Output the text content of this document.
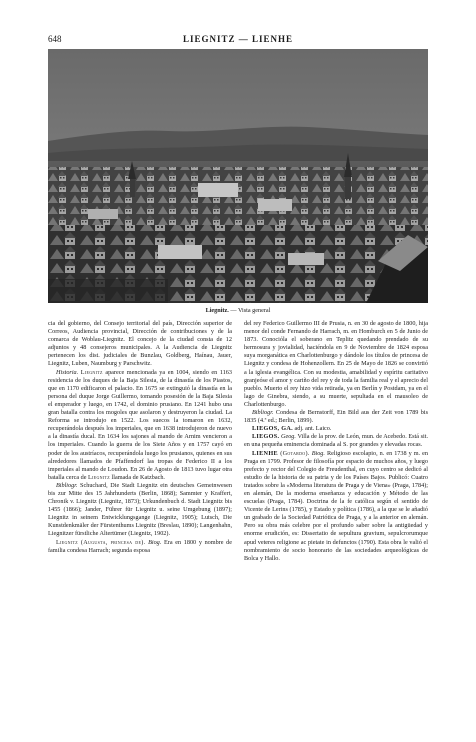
648	LIEGNITZ — LIENHE
Liegnitz. — Vista general

cia del gobierno, del Consejo territorial del país, Dirección superior de Correos, Audiencia provincial, Dirección de contribuciones y de la comarca de Woblau-Liegnitz. El concejo de la ciudad consta de 12 adjuntos y 48 consejeros municipales. A la Audiencia de Liegnitz pertenecen los dist. judiciales de Bunzlau, Goldberg, Haínau, Jauer, Liegnitz, Luben, Naumburg y Parschwitz.

Historia. Liegnitz aparece mencionada ya en 1004, siendo en 1163 residencia de los duques de la Baja Silesia, de la dinastía de los Piastos, que en 1170 edificaron el palacio. En 1675 se extinguió la dinastía en la persona del duque Jorge Guillermo, tomando posesión de la Baja Silesia el emperador y luego, en 1742, el dominio prusiano. En 1241 hubo una gran batalla contra los mogoles que asolaron y destruyeron la ciudad. La Reforma se introdujo en 1522. Los suecos la tomaron en 1632, recuperándola después los imperiales, que en 1638 introdujeron de nuevo a la dinastía ducal. En 1634 los sajones al mando de Arnim vencieron a los imperiales. Cuando la guerra de los Siete Años y en 1757 cayó en poder de los austríacos, recuperándola luego los prusianos, quienes en sus alrededores llamados de Pfaffendorf las tropas de Federico II a los imperiales al mando de Loudon. En 26 de Agosto de 1813 tuvo lugar otra batalla cerca de Liegnitz llamada de Katzbach.

Bibliogr. Schuchard, Die Stadt Liegnitz ein deutsches Gemeinwesen bis zur Mitte des 15 Jahrhunderts (Berlin, 1868); Sammter y Kraffert, Chronik v. Liegnitz (Liegnitz, 1873); Urkundenbuch d. Stadt Liegnitz bis 1455 (1866); Jander, Führer für Liegnitz u. seine Umgebung (1897); Liegnitz in seinem Entwicklungsgange (Liegnitz, 1905); Lutsch, Die Kunstdenkmäler der Fürstenthums Liegnitz (Breslau, 1890); Langenhahn, Liegnitzer fürstliche Altertümer (Liegnitz, 1902).

Liegnitz (Augusta, princesa de). Biog. Era en 1800 y nombre de familia condesa Harrach; segunda esposa

del rey Federico Guillermo III de Prusia, n. en 30 de agosto de 1800, hija menor del conde Fernando de Harrach, m. en Homburch en 5 de Junio de 1873. Conocióla el soberano en Teplitz quedando prendado de su hermosura y jovialidad, haciéndola en 9 de Noviembre de 1824 esposa suya morganática en Charlottenburgo y dándole los títulos de princesa de Liegnitz y condesa de Hohenzollern. En 25 de Mayo de 1826 se convirtió a la iglesia evangélica. Con su modestia, amabilidad y espíritu caritativo granjeóse el amor y cariño del rey y de toda la familia real y el aprecio del pueblo. Muerto el rey hizo vida retirada, ya en Berlín y Postdam, ya en el lago de Ginebra, siendo, a su muerte, sepultada en el mausoleo de Charlottenburgo.

Bibliogr. Condesa de Bernstorff, Ein Bild aus der Zeit von 1789 bis 1835 (4.ª ed.; Berlin, 1899).

LIEGOS, GA. adj. ant. Laico.

LIEGOS. Geog. Villa de la prov. de León, mun. de Acebedo. Está sit. en una pequeña eminencia dominada al S. por grandes y elevadas rocas.

LIENHE (Gotardo). Biog. Religioso escolapio, n. en 1738 y m. en Praga en 1799. Profesor de filosofía por espacio de muchos años, y luego prefecto y rector del Colegio de Freudenthal, en cuyo centro se dedicó al estudio de la historia de su patria y de los Países Bajos. Publicó: Cuatro tratados sobre la «Moderna literatura de Praga y de Viena» (Praga, 1784); en alemán, De la moderna enseñanza y educación y Método de las escuelas (Praga, 1784). Doctrina de la fe católica según el sentido de Vicente de Lerins (1785), y Estado y política (1786), a la que se le añadió un grabado de la Sociedad Patriótica de Praga, y a la anterior en alemán. Pero su obra más celebre por el profundo saber sobre la antigüedad y enorme erudición, es: Dissertatio de sepultura gravium, sepulcrorumque apud veteres religione ac pietate in defunctos (1790). Esta obra le valió el nombramiento de socio honorario de las sociedades arqueológicas de Bolca y Hallo.
